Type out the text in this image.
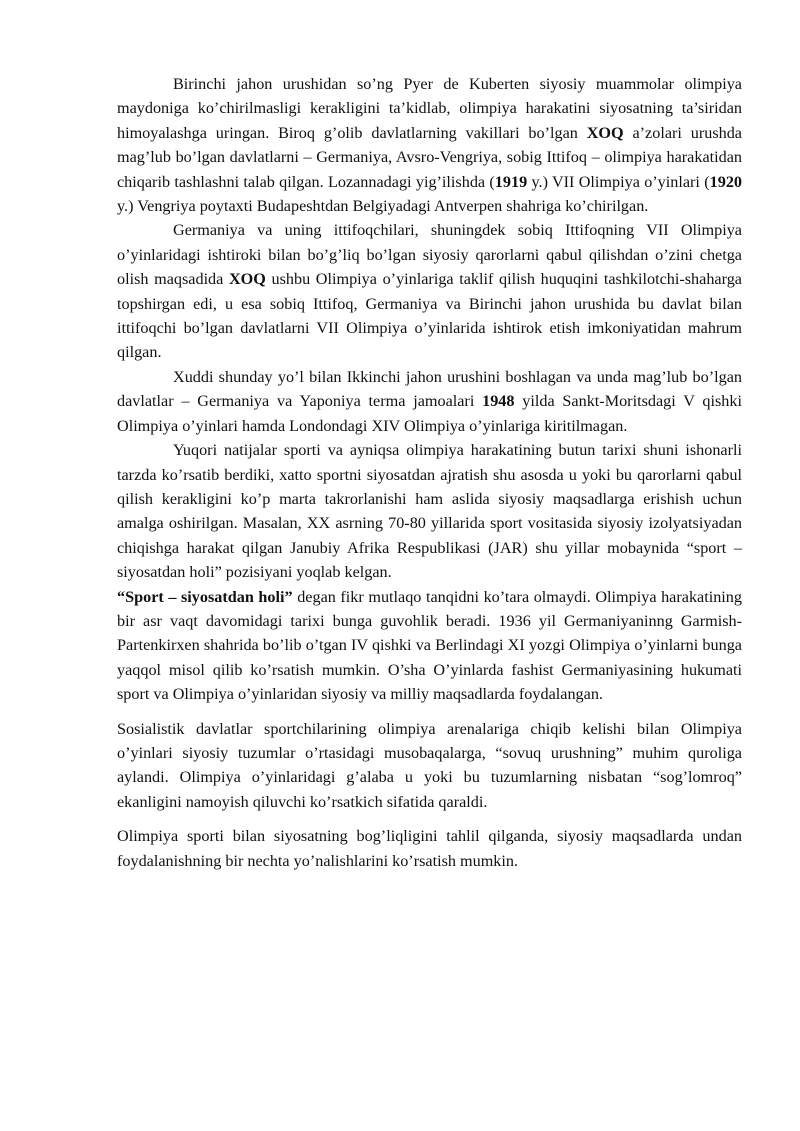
Birinchi jahon urushidan so’ng Pyer de Kuberten siyosiy muammolar olimpiya maydoniga ko’chirilmasligi kerakligini ta’kidlab, olimpiya harakatini siyosatning ta’siridan himoyalashga uringan. Biroq g’olib davlatlarning vakillari bo’lgan XOQ a’zolari urushda mag’lub bo’lgan davlatlarni – Germaniya, Avsro-Vengriya, sobig Ittifoq – olimpiya harakatidan chiqarib tashlashni talab qilgan. Lozannadagi yig’ilishda (1919 y.) VII Olimpiya o’yinlari (1920 y.) Vengriya poytaxti Budapeshtdan Belgiyadagi Antverpen shahriga ko’chirilgan.

Germaniya va uning ittifoqchilari, shuningdek sobiq Ittifoqning VII Olimpiya o’yinlaridagi ishtiroki bilan bo’g’liq bo’lgan siyosiy qarorlarni qabul qilishdan o’zini chetga olish maqsadida XOQ ushbu Olimpiya o’yinlariga taklif qilish huquqini tashkilotchi-shaharga topshirgan edi, u esa sobiq Ittifoq, Germaniya va Birinchi jahon urushida bu davlat bilan ittifoqchi bo’lgan davlatlarni VII Olimpiya o’yinlarida ishtirok etish imkoniyatidan mahrum qilgan.

Xuddi shunday yo’l bilan Ikkinchi jahon urushini boshlagan va unda mag’lub bo’lgan davlatlar – Germaniya va Yaponiya terma jamoalari 1948 yilda Sankt-Moritsdagi V qishki Olimpiya o’yinlari hamda Londondagi XIV Olimpiya o’yinlariga kiritilmagan.

Yuqori natijalar sporti va ayniqsa olimpiya harakatining butun tarixi shuni ishonarli tarzda ko’rsatib berdiki, xatto sportni siyosatdan ajratish shu asosda u yoki bu qarorlarni qabul qilish kerakligini ko’p marta takrorlanishi ham aslida siyosiy maqsadlarga erishish uchun amalga oshirilgan. Masalan, XX asrning 70-80 yillarida sport vositasida siyosiy izolyatsiyadan chiqishga harakat qilgan Janubiy Afrika Respublikasi (JAR) shu yillar mobaynida “sport – siyosatdan holi” pozisiyani yoqlab kelgan.

“Sport – siyosatdan holi” degan fikr mutlaqo tanqidni ko’tara olmaydi. Olimpiya harakatining bir asr vaqt davomidagi tarixi bunga guvohlik beradi. 1936 yil Germaniyaninng Garmish-Partenkirxen shahrida bo’lib o’tgan IV qishki va Berlindagi XI yozgi Olimpiya o’yinlarni bunga yaqqol misol qilib ko’rsatish mumkin. O’sha O’yinlarda fashist Germaniyasining hukumati sport va Olimpiya o’yinlaridan siyosiy va milliy maqsadlarda foydalangan.

Sosialistik davlatlar sportchilarining olimpiya arenalariga chiqib kelishi bilan Olimpiya o’yinlari siyosiy tuzumlar o’rtasidagi musobaqalarga, “sovuq urushning” muhim quroliga aylandi. Olimpiya o’yinlaridagi g’alaba u yoki bu tuzumlarning nisbatan “sog’lomroq” ekanligini namoyish qiluvchi ko’rsatkich sifatida qaraldi.

Olimpiya sporti bilan siyosatning bog’liqligini tahlil qilganda, siyosiy maqsadlarda undan foydalanishning bir nechta yo’nalishlarini ko’rsatish mumkin.
